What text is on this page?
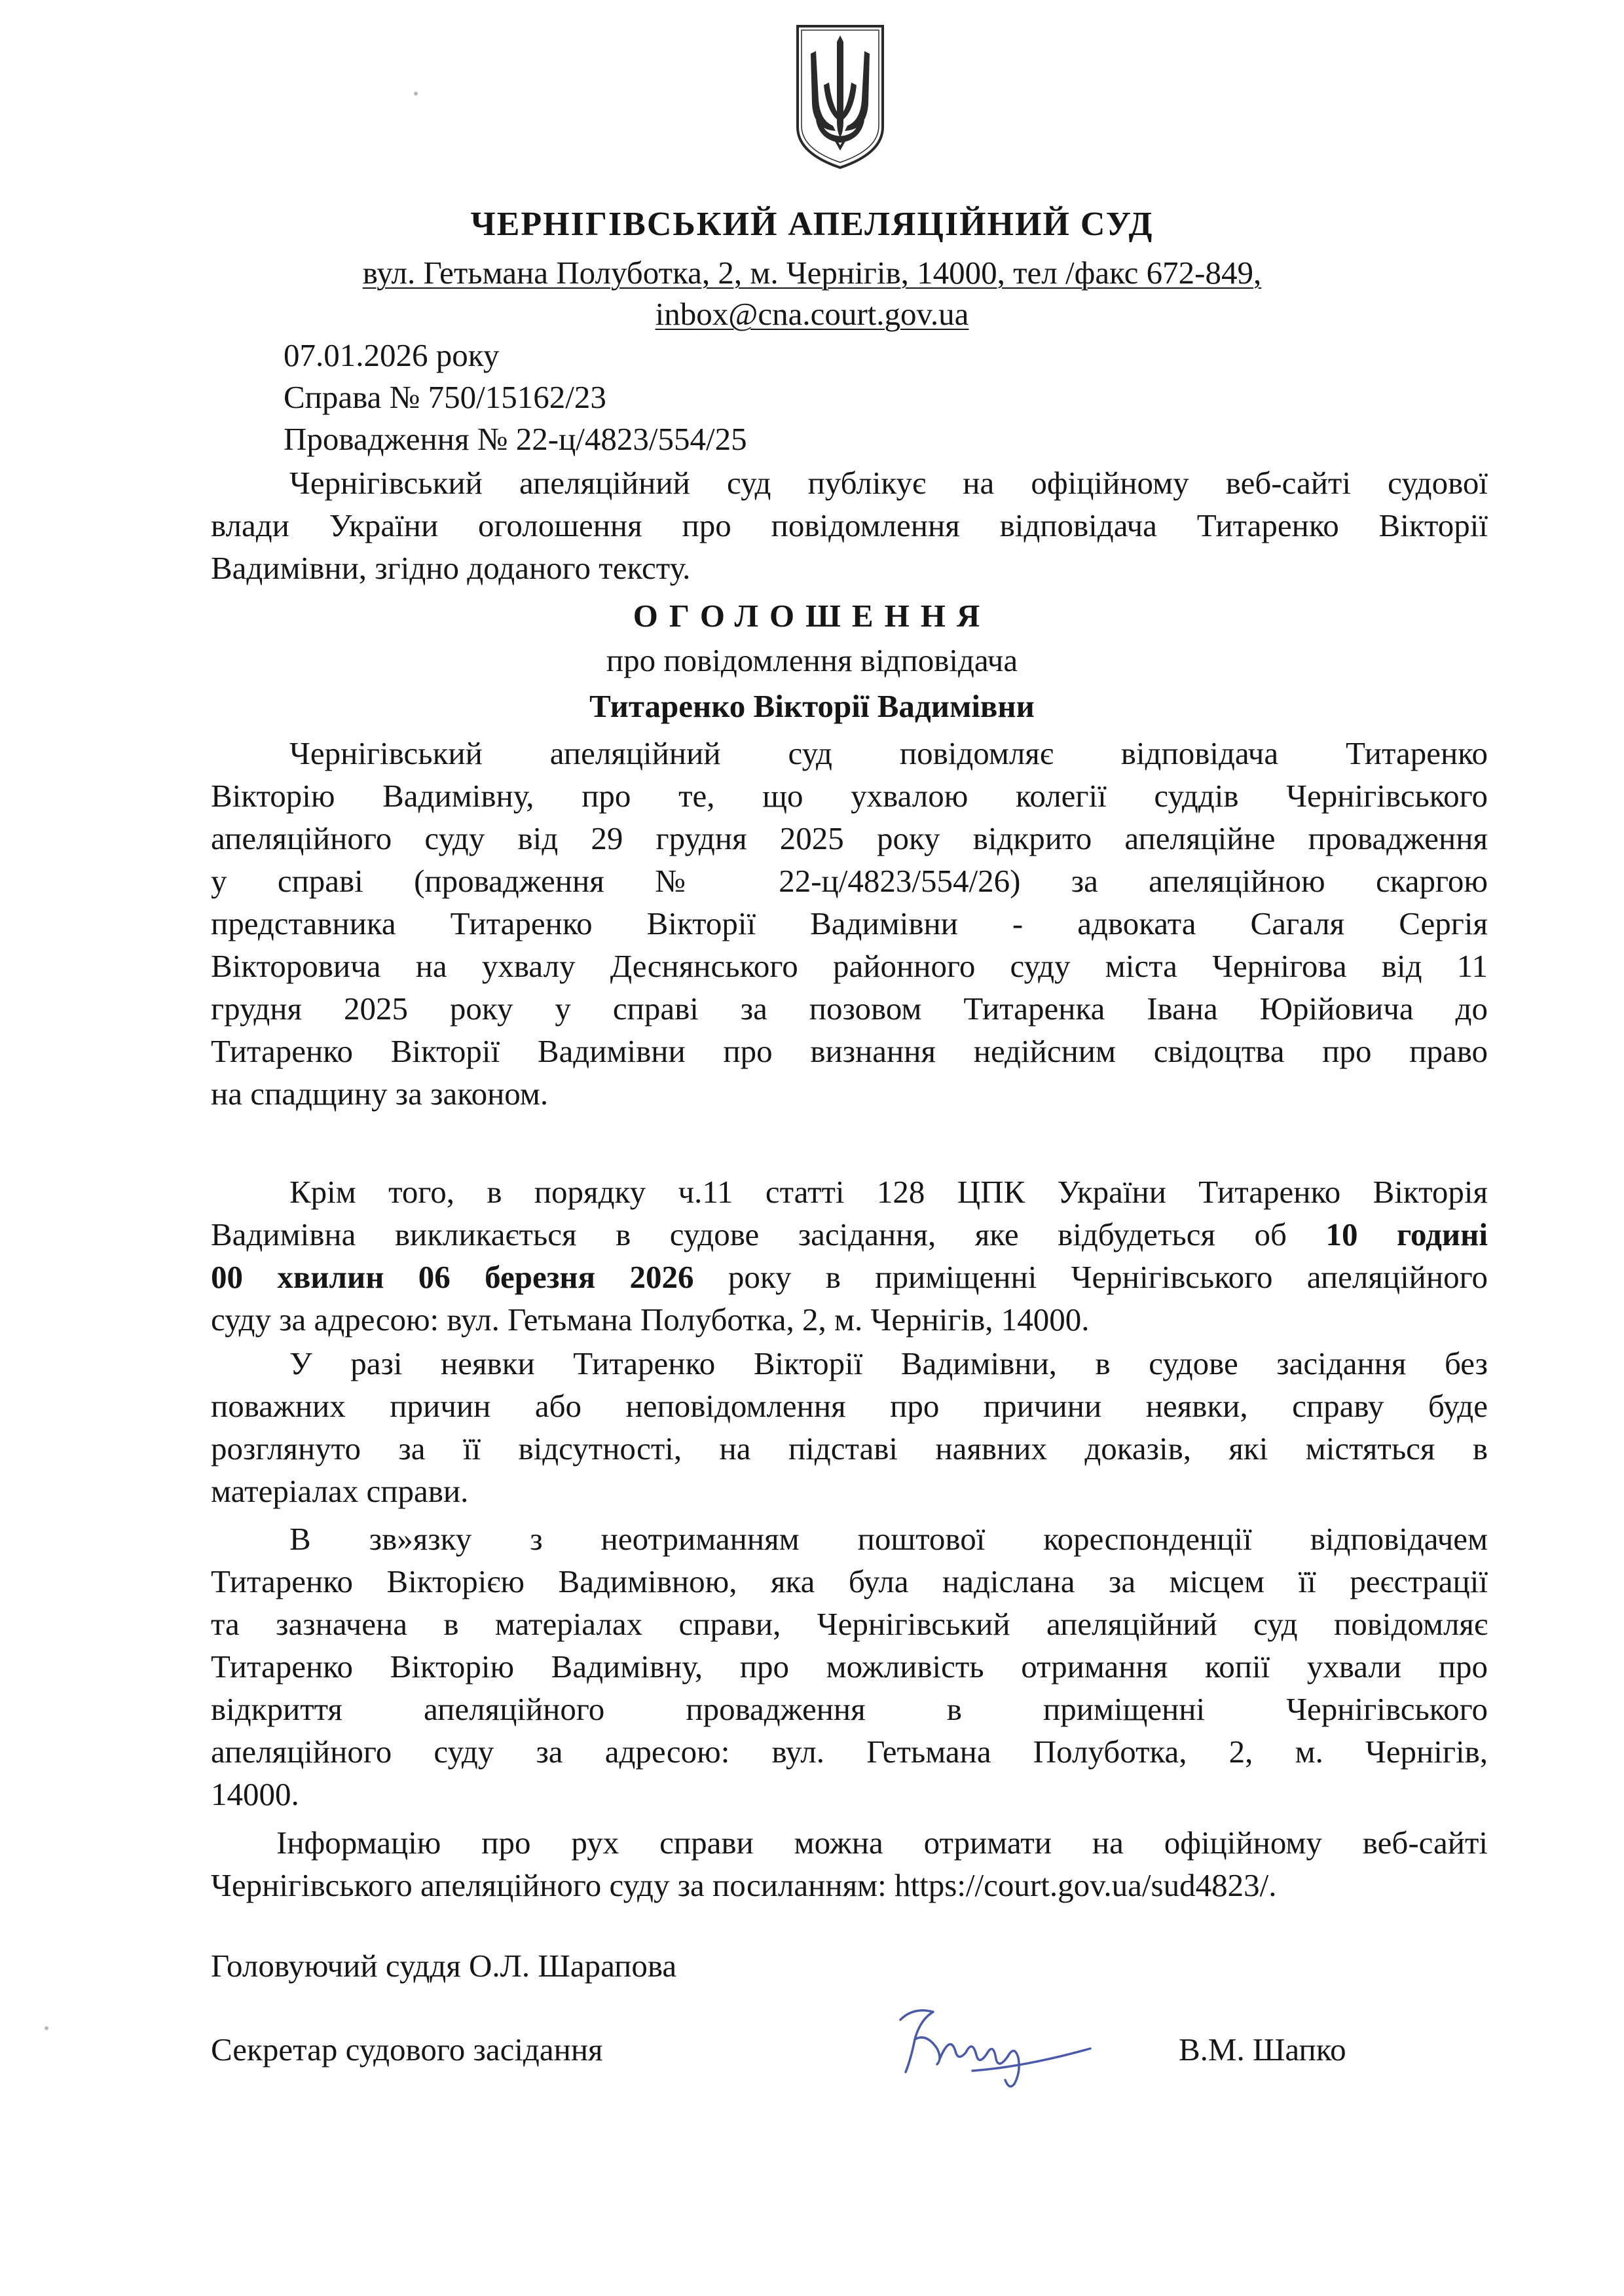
ЧЕРНІГІВСЬКИЙ АПЕЛЯЦІЙНИЙ СУД
вул. Гетьмана Полуботка, 2, м. Чернігів, 14000, тел /факс 672-849,
inbox@cna.court.gov.ua
07.01.2026 року
Справа № 750/15162/23
Провадження № 22-ц/4823/554/25
Чернігівський апеляційний суд публікує на офіційному веб-сайті судової
влади України оголошення про повідомлення відповідача Титаренко Вікторії
Вадимівни, згідно доданого тексту.
ОГОЛОШЕННЯ
про повідомлення відповідача
Титаренко Вікторії Вадимівни
Чернігівський апеляційний суд повідомляє відповідача Титаренко
Вікторію Вадимівну, про те, що ухвалою колегії суддів Чернігівського
апеляційного суду від 29 грудня 2025 року відкрито апеляційне провадження
у справі (провадження № 22-ц/4823/554/26) за апеляційною скаргою
представника Титаренко Вікторії Вадимівни - адвоката Сагаля Сергія
Вікторовича на ухвалу Деснянського районного суду міста Чернігова від 11
грудня 2025 року у справі за позовом Титаренка Івана Юрійовича до
Титаренко Вікторії Вадимівни про визнання недійсним свідоцтва про право
на спадщину за законом.
Крім того, в порядку ч.11 статті 128 ЦПК України Титаренко Вікторія
Вадимівна викликається в судове засідання, яке відбудеться об 10 годині
00 хвилин 06 березня 2026 року в приміщенні Чернігівського апеляційного
суду за адресою: вул. Гетьмана Полуботка, 2, м. Чернігів, 14000.
У разі неявки Титаренко Вікторії Вадимівни, в судове засідання без
поважних причин або неповідомлення про причини неявки, справу буде
розглянуто за її відсутності, на підставі наявних доказів, які містяться в
матеріалах справи.
В зв»язку з неотриманням поштової кореспонденції відповідачем
Титаренко Вікторією Вадимівною, яка була надіслана за місцем її реєстрації
та зазначена в матеріалах справи, Чернігівський апеляційний суд повідомляє
Титаренко Вікторію Вадимівну, про можливість отримання копії ухвали про
відкриття апеляційного провадження в приміщенні Чернігівського
апеляційного суду за адресою: вул. Гетьмана Полуботка, 2, м. Чернігів,
14000.
Інформацію про рух справи можна отримати на офіційному веб-сайті
Чернігівського апеляційного суду за посиланням: https://court.gov.ua/sud4823/.
Головуючий суддя О.Л. Шарапова
Секретар судового засідання	В.М. Шапко
